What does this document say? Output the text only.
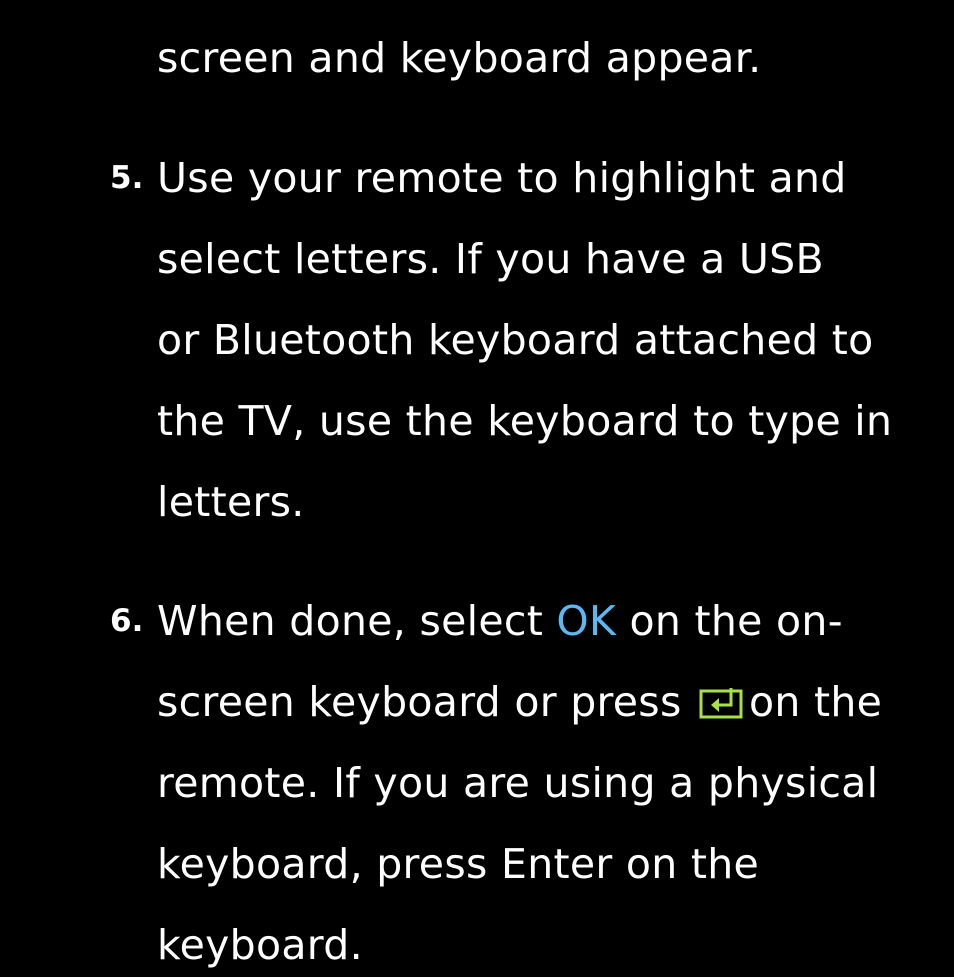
screen and keyboard appear.
5. Use your remote to highlight and
select letters. If you have a USB
or Bluetooth keyboard attached to
the TV, use the keyboard to type in
letters.
6. When done, select OK on the on-
screen keyboard or press on the
remote. If you are using a physical
keyboard, press Enter on the
keyboard.
